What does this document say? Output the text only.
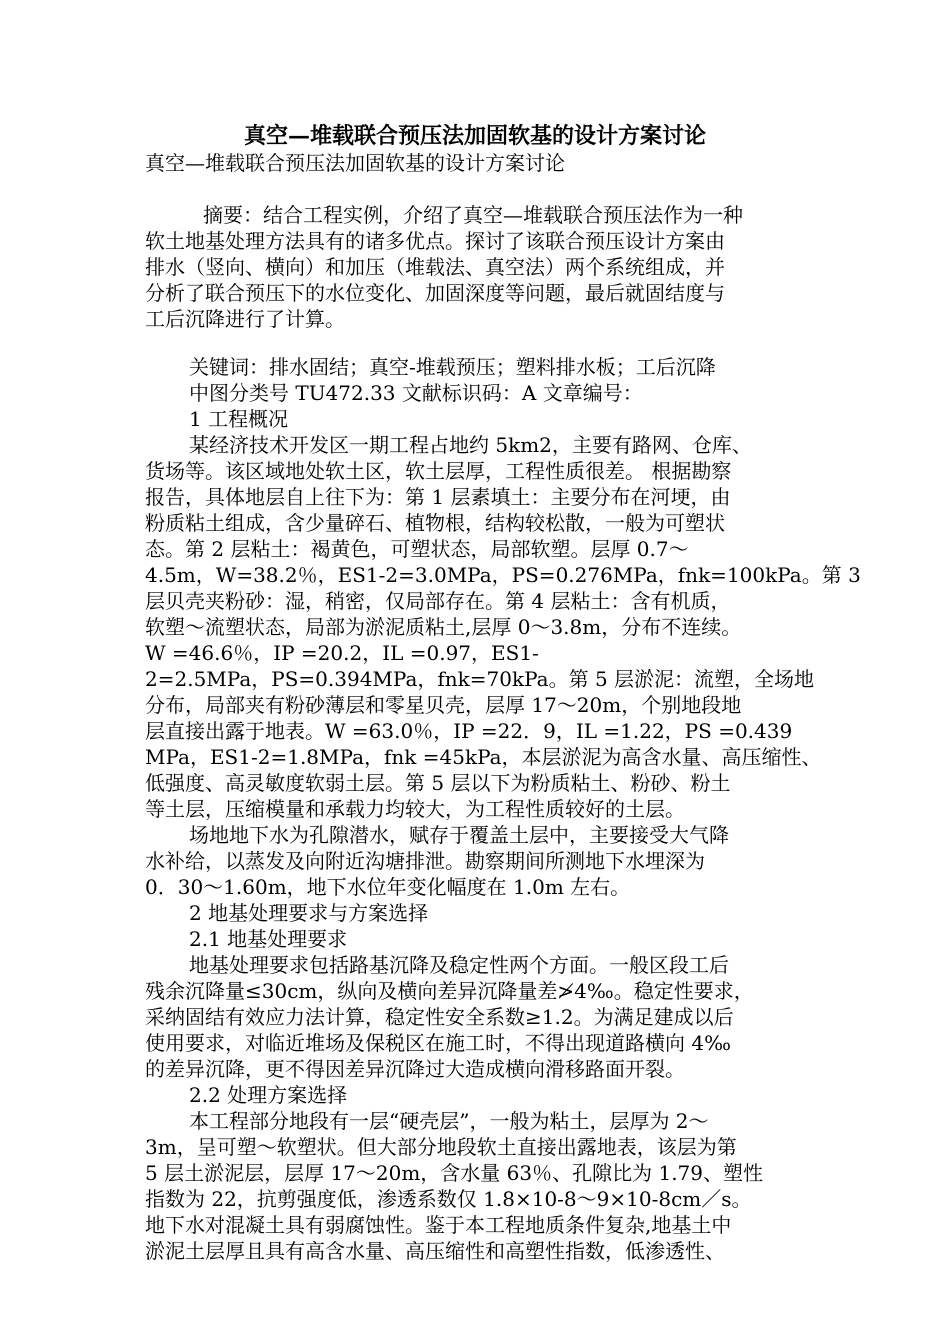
真空—堆载联合预压法加固软基的设计方案讨论

真空—堆载联合预压法加固软基的设计方案讨论

摘要：结合工程实例，介绍了真空—堆载联合预压法作为一种

软土地基处理方法具有的诸多优点。探讨了该联合预压设计方案由

排水（竖向、横向）和加压（堆载法、真空法）两个系统组成，并

分析了联合预压下的水位变化、加固深度等问题，最后就固结度与

工后沉降进行了计算。

关键词：排水固结；真空-堆载预压；塑料排水板；工后沉降

中图分类号 TU472.33 文献标识码：A 文章编号：

1 工程概况

某经济技术开发区一期工程占地约 5km2，主要有路网、仓库、

货场等。该区域地处软土区，软土层厚，工程性质很差。 根据勘察

报告，具体地层自上往下为：第 1 层素填土：主要分布在河埂，由

粉质粘土组成，含少量碎石、植物根，结构较松散，一般为可塑状

态。第 2 层粘土：褐黄色，可塑状态，局部软塑。层厚 0.7～

4.5m，W=38.2％，ES1-2=3.0MPa，PS=0.276MPa，fnk=100kPa。第 3

层贝壳夹粉砂：湿，稍密，仅局部存在。第 4 层粘土：含有机质，

软塑～流塑状态，局部为淤泥质粘土,层厚 0～3.8m，分布不连续。

W =46.6％，IP =20.2，IL =0.97，ES1-

2=2.5MPa，PS=0.394MPa，fnk=70kPa。第 5 层淤泥：流塑，全场地

分布，局部夹有粉砂薄层和零星贝壳，层厚 17～20m，个别地段地

层直接出露于地表。W =63.0％，IP =22．9，IL =1.22，PS =0.439

MPa，ES1-2=1.8MPa，fnk =45kPa，本层淤泥为高含水量、高压缩性、

低强度、高灵敏度软弱土层。第 5 层以下为粉质粘土、粉砂、粉土

等土层，压缩模量和承载力均较大，为工程性质较好的土层。

场地地下水为孔隙潜水，赋存于覆盖土层中，主要接受大气降

水补给，以蒸发及向附近沟塘排泄。勘察期间所测地下水埋深为

0．30～1.60m，地下水位年变化幅度在 1.0m 左右。

2 地基处理要求与方案选择

2.1 地基处理要求

地基处理要求包括路基沉降及稳定性两个方面。一般区段工后

残余沉降量≤30cm，纵向及横向差异沉降量差≯4‰。稳定性要求，

采纳固结有效应力法计算，稳定性安全系数≥1.2。为满足建成以后

使用要求，对临近堆场及保税区在施工时，不得出现道路横向 4‰

的差异沉降，更不得因差异沉降过大造成横向滑移路面开裂。

2.2 处理方案选择

本工程部分地段有一层“硬壳层”，一般为粘土，层厚为 2～

3m，呈可塑～软塑状。但大部分地段软土直接出露地表，该层为第

5 层土淤泥层，层厚 17～20m，含水量 63％、孔隙比为 1.79、塑性

指数为 22，抗剪强度低，渗透系数仅 1.8×10-8～9×10-8cm／s。

地下水对混凝土具有弱腐蚀性。鉴于本工程地质条件复杂,地基土中

淤泥土层厚且具有高含水量、高压缩性和高塑性指数，低渗透性、
